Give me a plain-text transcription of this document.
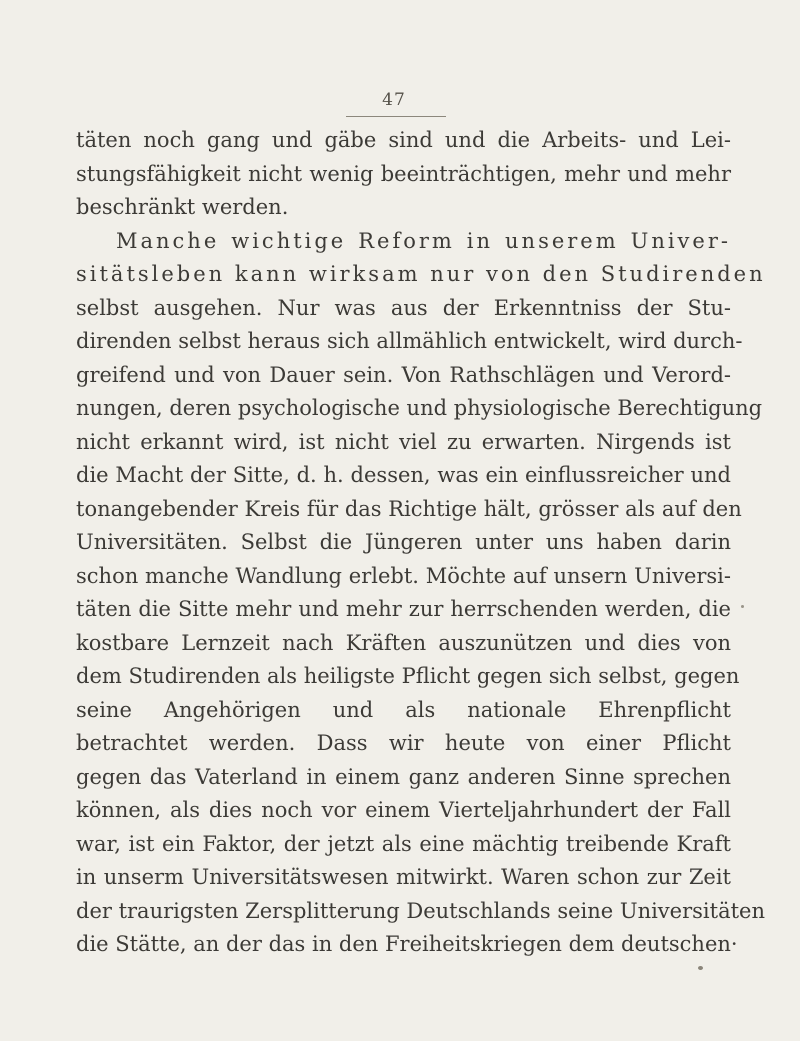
47
täten noch gang und gäbe sind und die Arbeits- und Lei-
stungsfähigkeit nicht wenig beeinträchtigen, mehr und mehr
beschränkt werden.
Manche wichtige Reform in unserem Univer-
sitätsleben kann wirksam nur von den Studirenden
selbst ausgehen. Nur was aus der Erkenntniss der Stu-
direnden selbst heraus sich allmählich entwickelt, wird durch-
greifend und von Dauer sein. Von Rathschlägen und Verord-
nungen, deren psychologische und physiologische Berechtigung
nicht erkannt wird, ist nicht viel zu erwarten. Nirgends ist
die Macht der Sitte, d. h. dessen, was ein einflussreicher und
tonangebender Kreis für das Richtige hält, grösser als auf den
Universitäten. Selbst die Jüngeren unter uns haben darin
schon manche Wandlung erlebt. Möchte auf unsern Universi-
täten die Sitte mehr und mehr zur herrschenden werden, die
kostbare Lernzeit nach Kräften auszunützen und dies von
dem Studirenden als heiligste Pflicht gegen sich selbst, gegen
seine Angehörigen und als nationale Ehrenpflicht
betrachtet werden. Dass wir heute von einer Pflicht
gegen das Vaterland in einem ganz anderen Sinne sprechen
können, als dies noch vor einem Vierteljahrhundert der Fall
war, ist ein Faktor, der jetzt als eine mächtig treibende Kraft
in unserm Universitätswesen mitwirkt. Waren schon zur Zeit
der traurigsten Zersplitterung Deutschlands seine Universitäten
die Stätte, an der das in den Freiheitskriegen dem deutschen·
